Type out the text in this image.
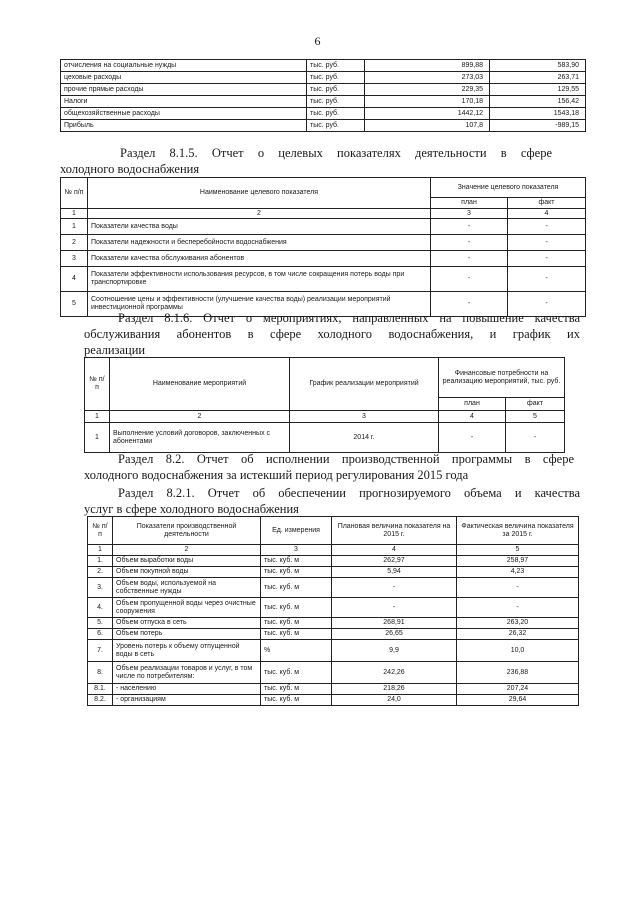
6
отчисления на социальные нужды	тыс. руб.	899,88	583,90
цеховые расходы	тыс. руб.	273,03	263,71
прочие прямые расходы	тыс. руб.	229,35	129,55
Налоги	тыс. руб.	170,18	156,42
общехозяйственные расходы	тыс. руб.	1442,12	1543,18
Прибыль	тыс. руб.	107,8	-989,15

Раздел 8.1.5. Отчет о целевых показателях деятельности в сфере

холодного водоснабжения

№ п/п	Наименование целевого показателя	Значение целевого показателя	
		план	факт
1	2	3	4
1	Показатели качества воды	-	-
2	Показатели надежности и бесперебойности водоснабжения	-	-
3	Показатели качества обслуживания абонентов	-	-
4	Показатели эффективности использования ресурсов, в том числе сокращения потерь воды при транспортировке	-	-
5	Соотношение цены и эффективности (улучшение качества воды) реализации мероприятий инвестиционной программы	-	-

Раздел 8.1.6. Отчет о мероприятиях, направленных на повышение качества

обслуживания абонентов в сфере холодного водоснабжения, и график их

реализации

№ п/п	Наименование мероприятий	График реализации мероприятий	Финансовые потребности на реализацию мероприятий, тыс. руб.	
			план	факт
1	2	3	4	5
1	Выполнение условий договоров, заключенных с абонентами	2014 г.	-	-

Раздел 8.2. Отчет об исполнении производственной программы в сфере

холодного водоснабжения за истекший период регулирования 2015 года

Раздел 8.2.1. Отчет об обеспечении прогнозируемого объема и качества

услуг в сфере холодного водоснабжения

№ п/п	Показатели производственной деятельности	Ед. измерения	Плановая величина показателя на 2015 г.	Фактическая величина показателя за 2015 г.
1	2	3	4	5
1.	Объем выработки воды	тыс. куб. м	262,97	258,97
2.	Объем покупной воды	тыс. куб. м	5,94	4,23
3.	Объем воды, используемой на собственные нужды	тыс. куб. м	-	-
4.	Объем пропущенной воды через очистные сооружения	тыс. куб. м	-	-
5.	Объем отпуска в сеть	тыс. куб. м	268,91	263,20
6.	Объем потерь	тыс. куб. м	26,65	26,32
7.	Уровень потерь к объему отпущенной воды в сеть	%	9,9	10,0
8.	Объем реализации товаров и услуг, в том числе по потребителям:	тыс. куб. м	242,26	236,88
8.1.	- населению	тыс. куб. м	218,26	207,24
8.2.	- организациям	тыс. куб. м	24,0	29,64
